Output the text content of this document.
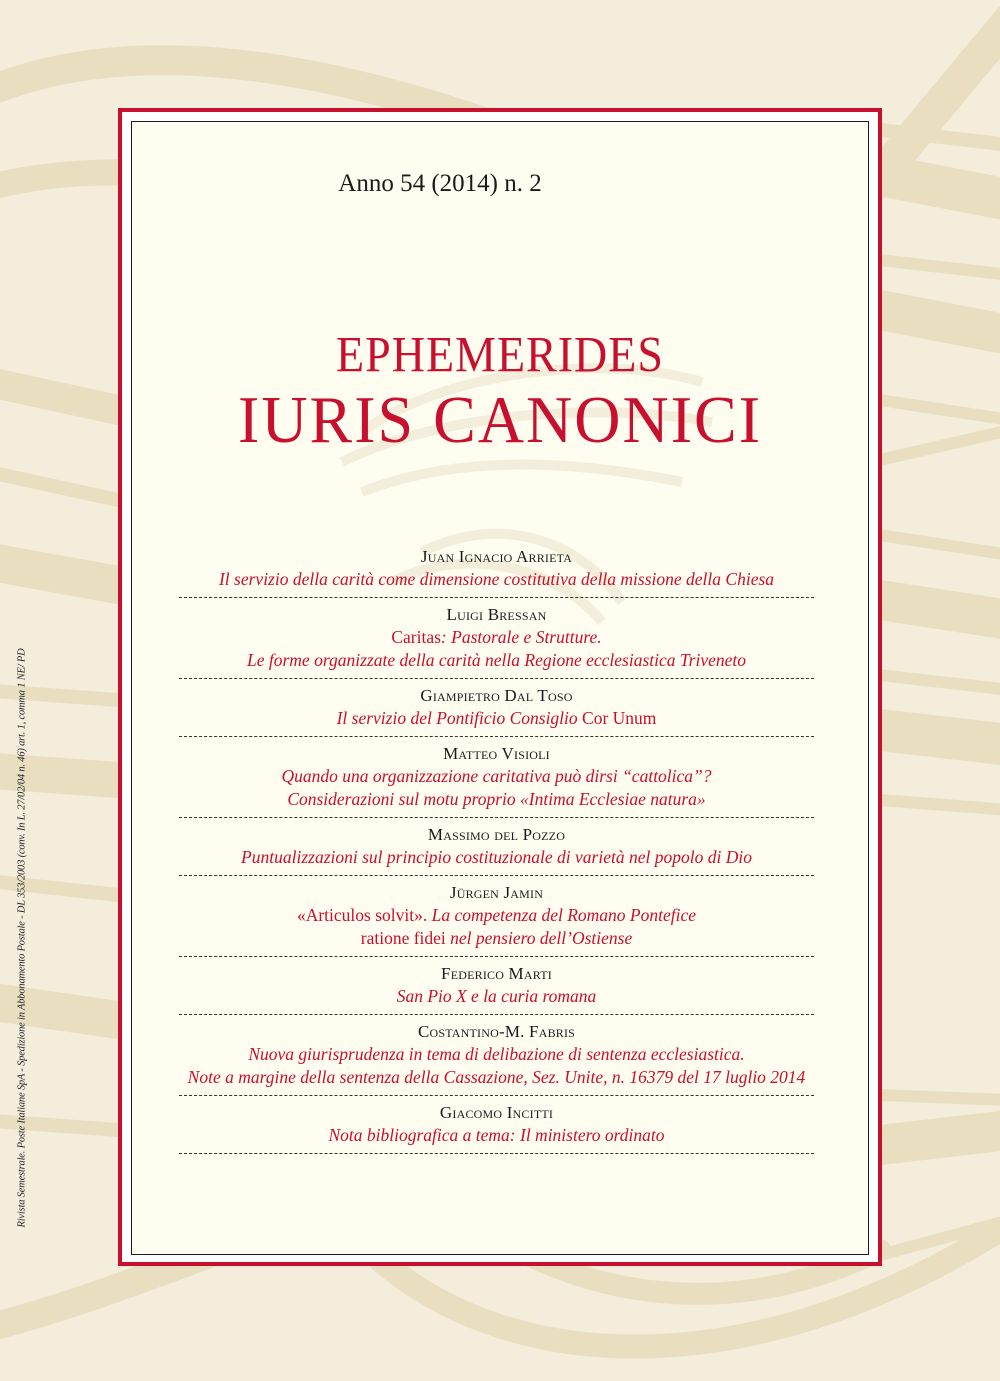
Rivista Semestrale. Poste Italiane SpA - Spedizione in Abbonamento Postale - DL 353/2003 (conv. In L. 27/02/04 n. 46) art. 1, comma 1 NE/ PD
Anno 54 (2014) n. 2
EPHEMERIDES
IURIS CANONICI
Juan Ignacio Arrieta
Il servizio della carità come dimensione costitutiva della missione della Chiesa
Luigi Bressan
Caritas: Pastorale e Strutture.
Le forme organizzate della carità nella Regione ecclesiastica Triveneto
Giampietro Dal Toso
Il servizio del Pontificio Consiglio Cor Unum
Matteo Visioli
Quando una organizzazione caritativa può dirsi “cattolica”?
Considerazioni sul motu proprio «Intima Ecclesiae natura»
Massimo del Pozzo
Puntualizzazioni sul principio costituzionale di varietà nel popolo di Dio
Jürgen Jamin
«Articulos solvit». La competenza del Romano Pontefice
ratione fidei nel pensiero dell’Ostiense
Federico Marti
San Pio X e la curia romana
Costantino-M. Fabris
Nuova giurisprudenza in tema di delibazione di sentenza ecclesiastica.
Note a margine della sentenza della Cassazione, Sez. Unite, n. 16379 del 17 luglio 2014
Giacomo Incitti
Nota bibliografica a tema: Il ministero ordinato
